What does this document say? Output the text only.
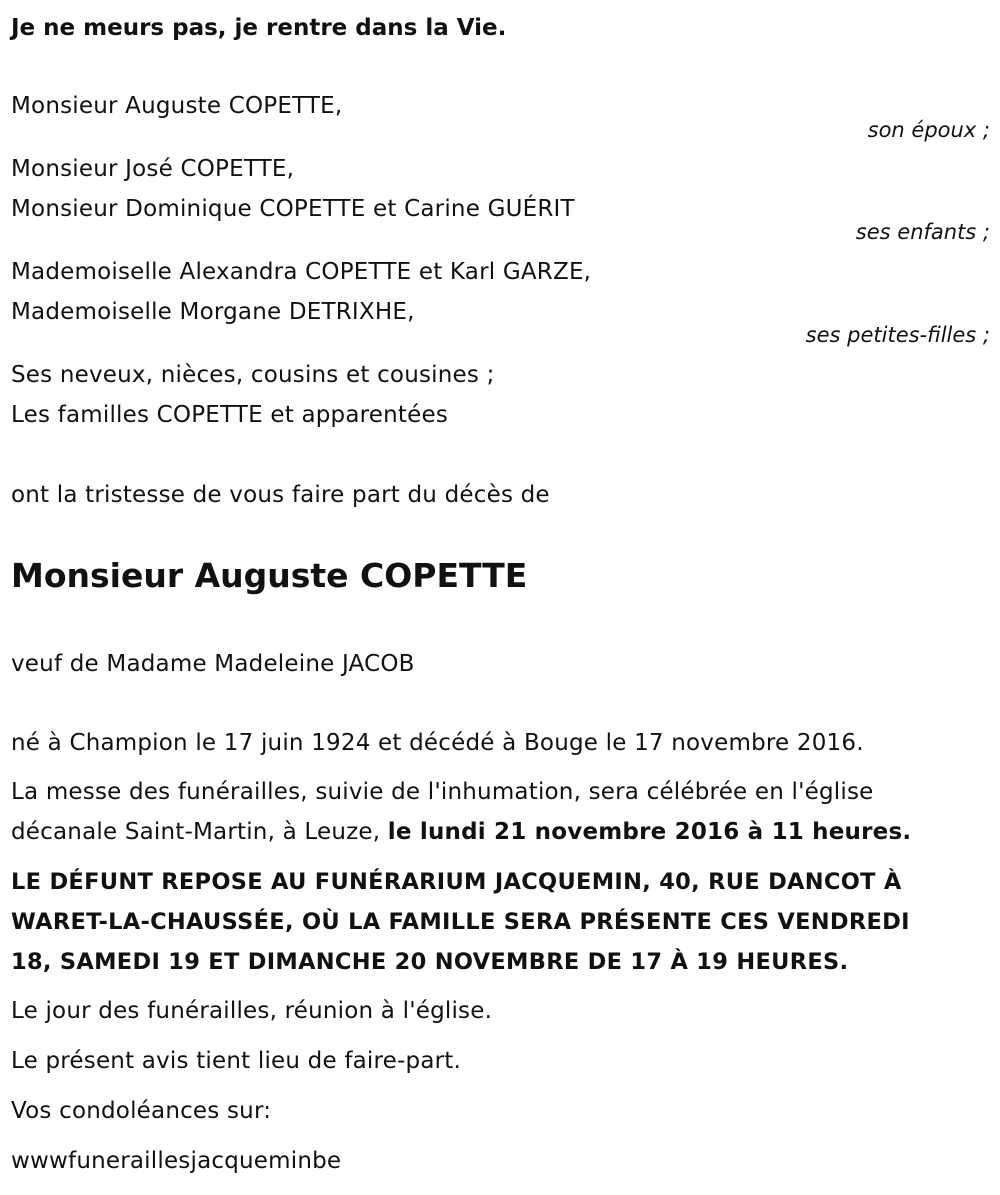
Je ne meurs pas, je rentre dans la Vie.
Monsieur Auguste COPETTE,
son époux ;
Monsieur José COPETTE,
Monsieur Dominique COPETTE et Carine GUÉRIT
ses enfants ;
Mademoiselle Alexandra COPETTE et Karl GARZE,
Mademoiselle Morgane DETRIXHE,
ses petites-filles ;
Ses neveux, nièces, cousins et cousines ;
Les familles COPETTE et apparentées
ont la tristesse de vous faire part du décès de
Monsieur Auguste COPETTE
veuf de Madame Madeleine JACOB
né à Champion le 17 juin 1924 et décédé à Bouge le 17 novembre 2016.
La messe des funérailles, suivie de l'inhumation, sera célébrée en l'église
décanale Saint-Martin, à Leuze, le lundi 21 novembre 2016 à 11 heures.
LE DÉFUNT REPOSE AU FUNÉRARIUM JACQUEMIN, 40, RUE DANCOT À
WARET-LA-CHAUSSÉE, OÙ LA FAMILLE SERA PRÉSENTE CES VENDREDI
18, SAMEDI 19 ET DIMANCHE 20 NOVEMBRE DE 17 À 19 HEURES.
Le jour des funérailles, réunion à l'église.
Le présent avis tient lieu de faire-part.
Vos condoléances sur:
wwwfuneraillesjacqueminbe
